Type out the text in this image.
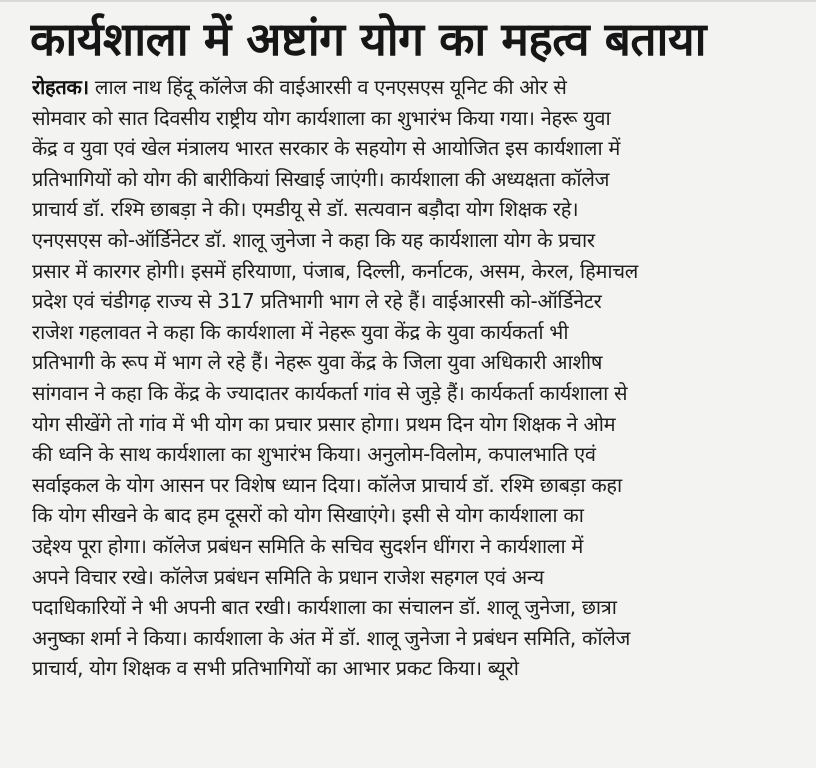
कार्यशाला में अष्टांग योग का महत्व बताया
रोहतक। लाल नाथ हिंदू कॉलेज की वाईआरसी व एनएसएस यूनिट की ओर से
सोमवार को सात दिवसीय राष्ट्रीय योग कार्यशाला का शुभारंभ किया गया। नेहरू युवा
केंद्र व युवा एवं खेल मंत्रालय भारत सरकार के सहयोग से आयोजित इस कार्यशाला में
प्रतिभागियों को योग की बारीकियां सिखाई जाएंगी। कार्यशाला की अध्यक्षता कॉलेज
प्राचार्य डॉ. रश्मि छाबड़ा ने की। एमडीयू से डॉ. सत्यवान बड़ौदा योग शिक्षक रहे।
एनएसएस को-ऑर्डिनेटर डॉ. शालू जुनेजा ने कहा कि यह कार्यशाला योग के प्रचार
प्रसार में कारगर होगी। इसमें हरियाणा, पंजाब, दिल्ली, कर्नाटक, असम, केरल, हिमाचल
प्रदेश एवं चंडीगढ़ राज्य से 317 प्रतिभागी भाग ले रहे हैं। वाईआरसी को-ऑर्डिनेटर
राजेश गहलावत ने कहा कि कार्यशाला में नेहरू युवा केंद्र के युवा कार्यकर्ता भी
प्रतिभागी के रूप में भाग ले रहे हैं। नेहरू युवा केंद्र के जिला युवा अधिकारी आशीष
सांगवान ने कहा कि केंद्र के ज्यादातर कार्यकर्ता गांव से जुड़े हैं। कार्यकर्ता कार्यशाला से
योग सीखेंगे तो गांव में भी योग का प्रचार प्रसार होगा। प्रथम दिन योग शिक्षक ने ओम
की ध्वनि के साथ कार्यशाला का शुभारंभ किया। अनुलोम-विलोम, कपालभाति एवं
सर्वाइकल के योग आसन पर विशेष ध्यान दिया। कॉलेज प्राचार्य डॉ. रश्मि छाबड़ा कहा
कि योग सीखने के बाद हम दूसरों को योग सिखाएंगे। इसी से योग कार्यशाला का
उद्देश्य पूरा होगा। कॉलेज प्रबंधन समिति के सचिव सुदर्शन धींगरा ने कार्यशाला में
अपने विचार रखे। कॉलेज प्रबंधन समिति के प्रधान राजेश सहगल एवं अन्य
पदाधिकारियों ने भी अपनी बात रखी। कार्यशाला का संचालन डॉ. शालू जुनेजा, छात्रा
अनुष्का शर्मा ने किया। कार्यशाला के अंत में डॉ. शालू जुनेजा ने प्रबंधन समिति, कॉलेज
प्राचार्य, योग शिक्षक व सभी प्रतिभागियों का आभार प्रकट किया। ब्यूरो
